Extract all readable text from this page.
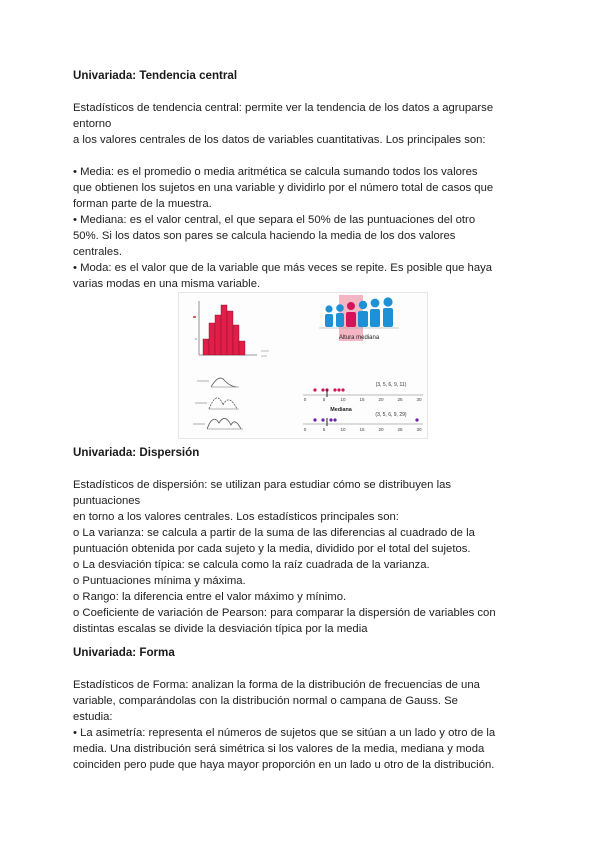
Univariada: Tendencia central

Estadísticos de tendencia central: permite ver la tendencia de los datos a agruparse
entorno
a los valores centrales de los datos de variables cuantitativas. Los principales son:

• Media: es el promedio o media aritmética se calcula sumando todos los valores
que obtienen los sujetos en una variable y dividirlo por el número total de casos que
forman parte de la muestra.

• Mediana: es el valor central, el que separa el 50% de las puntuaciones del otro
50%. Si los datos son pares se calcula haciendo la media de los dos valores
centrales.

• Moda: es el valor que de la variable que más veces se repite. Es posible que haya
varias modas en una misma variable.

Altura mediana
(3, 5, 6, 9, 11)
0	5	10	15	20	25	30
Mediana
(3, 5, 6, 9, 29)
0	5	10	15	20	25	30
Univariada: Dispersión

Estadísticos de dispersión: se utilizan para estudiar cómo se distribuyen las
puntuaciones
en torno a los valores centrales. Los estadísticos principales son:

o La varianza: se calcula a partir de la suma de las diferencias al cuadrado de la
puntuación obtenida por cada sujeto y la media, dividido por el total del sujetos.

o La desviación típica: se calcula como la raíz cuadrada de la varianza.

o Puntuaciones mínima y máxima.

o Rango: la diferencia entre el valor máximo y mínimo.

o Coeficiente de variación de Pearson: para comparar la dispersión de variables con
distintas escalas se divide la desviación típica por la media

Univariada: Forma

Estadísticos de Forma: analizan la forma de la distribución de frecuencias de una
variable, comparándolas con la distribución normal o campana de Gauss. Se
estudia:

• La asimetría: representa el números de sujetos que se sitúan a un lado y otro de la
media. Una distribución será simétrica si los valores de la media, mediana y moda
coinciden pero pude que haya mayor proporción en un lado u otro de la distribución.
